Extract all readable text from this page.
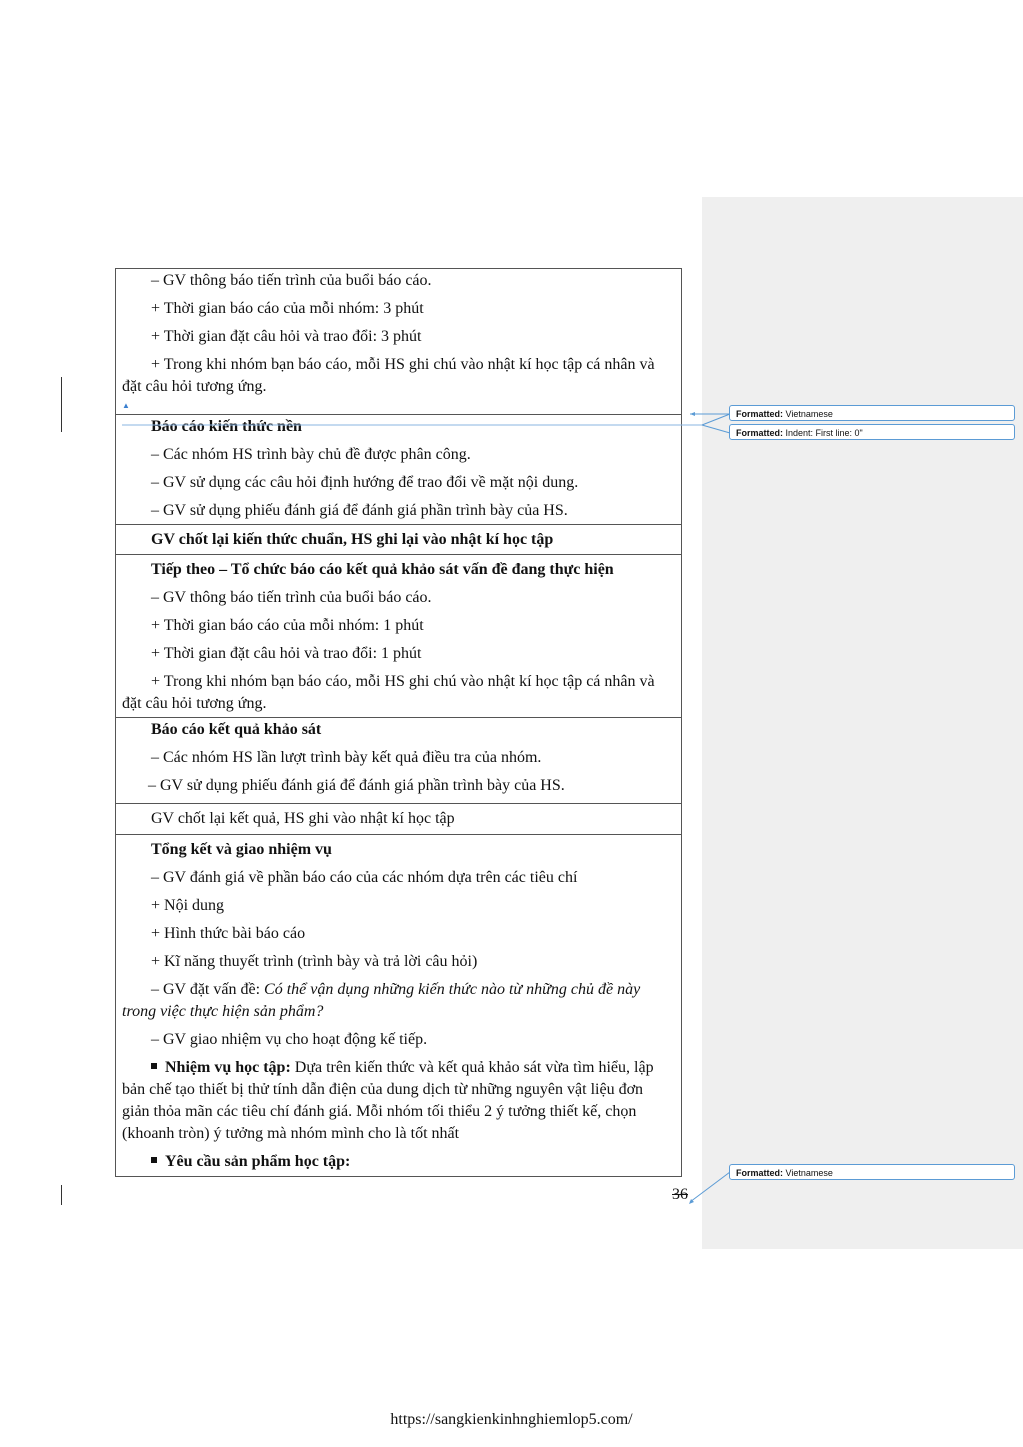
– GV thông báo tiến trình của buổi báo cáo.

+ Thời gian báo cáo của mỗi nhóm: 3 phút

+ Thời gian đặt câu hỏi và trao đổi: 3 phút

+ Trong khi nhóm bạn báo cáo, mỗi HS ghi chú vào nhật kí học tập cá nhân và đặt câu hỏi tương ứng.

▲

Báo cáo kiến thức nền

– Các nhóm HS trình bày chủ đề được phân công.

– GV sử dụng các câu hỏi định hướng để trao đổi về mặt nội dung.

– GV sử dụng phiếu đánh giá để đánh giá phần trình bày của HS.

GV chốt lại kiến thức chuẩn, HS ghi lại vào nhật kí học tập

Tiếp theo – Tổ chức báo cáo kết quả khảo sát vấn đề đang thực hiện

– GV thông báo tiến trình của buổi báo cáo.

+ Thời gian báo cáo của mỗi nhóm: 1 phút

+ Thời gian đặt câu hỏi và trao đổi: 1 phút

+ Trong khi nhóm bạn báo cáo, mỗi HS ghi chú vào nhật kí học tập cá nhân và đặt câu hỏi tương ứng.

Báo cáo kết quả khảo sát

– Các nhóm HS lần lượt trình bày kết quả điều tra của nhóm.

– GV sử dụng phiếu đánh giá để đánh giá phần trình bày của HS.

GV chốt lại kết quả, HS ghi vào nhật kí học tập

Tổng kết và giao nhiệm vụ

– GV đánh giá về phần báo cáo của các nhóm dựa trên các tiêu chí

+ Nội dung

+ Hình thức bài báo cáo

+ Kĩ năng thuyết trình (trình bày và trả lời câu hỏi)

– GV đặt vấn đề: Có thể vận dụng những kiến thức nào từ những chủ đề này trong việc thực hiện sản phẩm?

– GV giao nhiệm vụ cho hoạt động kế tiếp.

Nhiệm vụ học tập: Dựa trên kiến thức và kết quả khảo sát vừa tìm hiểu, lập bản chế tạo thiết bị thử tính dẫn điện của dung dịch từ những nguyên vật liệu đơn giản thỏa mãn các tiêu chí đánh giá. Mỗi nhóm tối thiểu 2 ý tưởng thiết kế, chọn (khoanh tròn) ý tưởng mà nhóm mình cho là tốt nhất

Yêu cầu sản phẩm học tập:

Formatted: Vietnamese
Formatted: Indent: First line: 0"
Formatted: Vietnamese
36
https://sangkienkinhnghiemlop5.com/
